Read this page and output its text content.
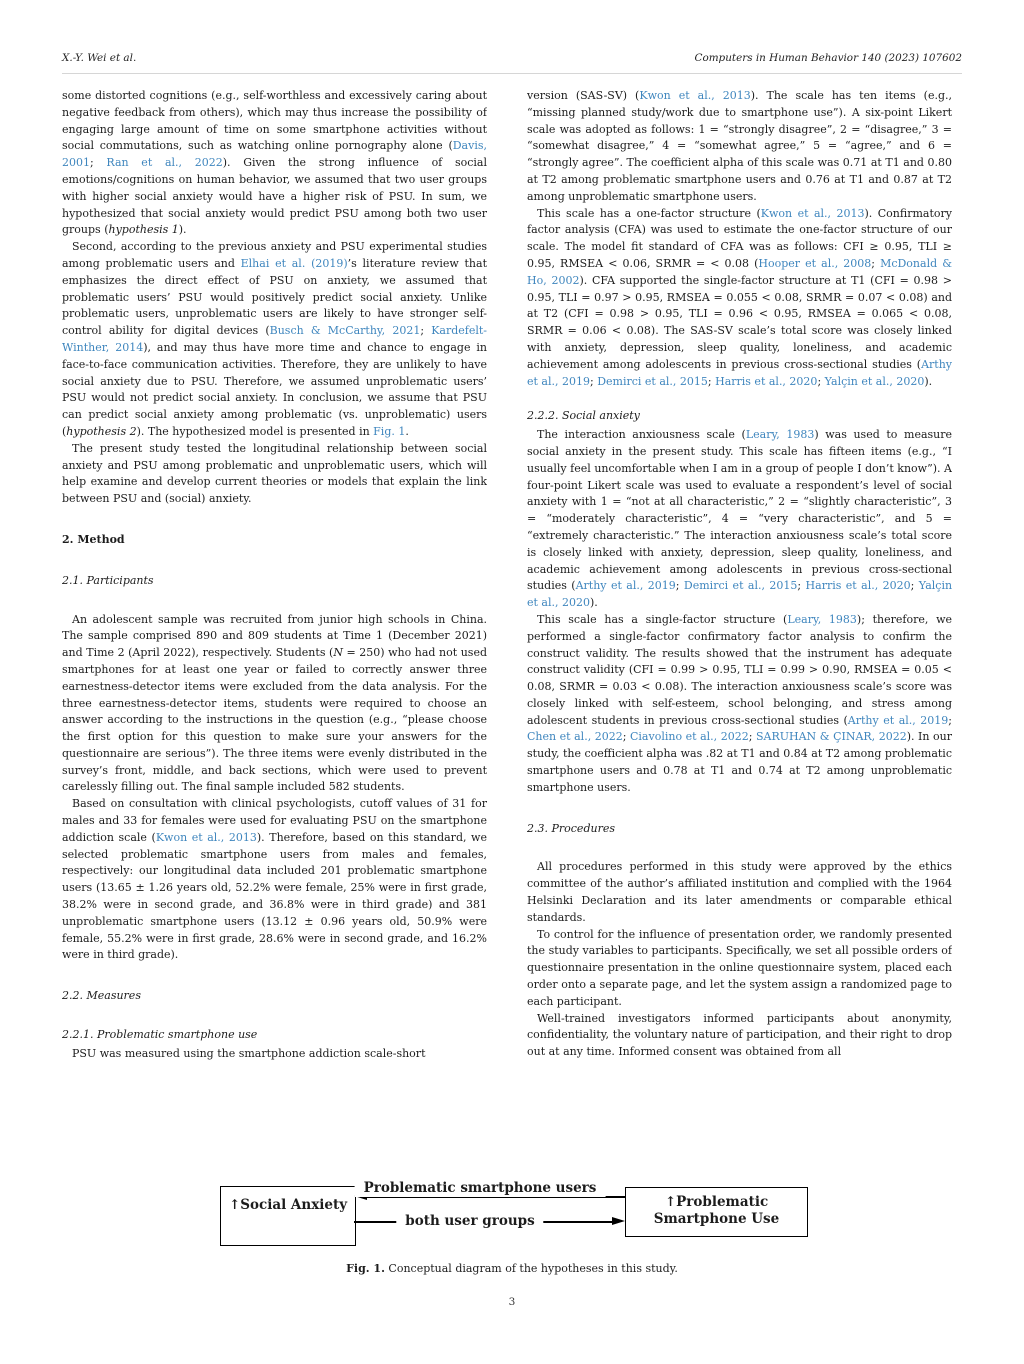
X.-Y. Wei et al.	Computers in Human Behavior 140 (2023) 107602
some distorted cognitions (e.g., self-worthless and excessively caring about negative feedback from others), which may thus increase the possibility of engaging large amount of time on some smartphone activities without social commutations, such as watching online pornography alone (Davis, 2001; Ran et al., 2022). Given the strong influence of social emotions/cognitions on human behavior, we assumed that two user groups with higher social anxiety would have a higher risk of PSU. In sum, we hypothesized that social anxiety would predict PSU among both two user groups (hypothesis 1).
Second, according to the previous anxiety and PSU experimental studies among problematic users and Elhai et al. (2019)’s literature review that emphasizes the direct effect of PSU on anxiety, we assumed that problematic users’ PSU would positively predict social anxiety. Unlike problematic users, unproblematic users are likely to have stronger self-control ability for digital devices (Busch & McCarthy, 2021; Kardefelt-Winther, 2014), and may thus have more time and chance to engage in face-to-face communication activities. Therefore, they are unlikely to have social anxiety due to PSU. Therefore, we assumed unproblematic users’ PSU would not predict social anxiety. In conclusion, we assume that PSU can predict social anxiety among problematic (vs. unproblematic) users (hypothesis 2). The hypothesized model is presented in Fig. 1.
The present study tested the longitudinal relationship between social anxiety and PSU among problematic and unproblematic users, which will help examine and develop current theories or models that explain the link between PSU and (social) anxiety.
2. Method
2.1. Participants
An adolescent sample was recruited from junior high schools in China. The sample comprised 890 and 809 students at Time 1 (December 2021) and Time 2 (April 2022), respectively. Students (N = 250) who had not used smartphones for at least one year or failed to correctly answer three earnestness-detector items were excluded from the data analysis. For the three earnestness-detector items, students were required to choose an answer according to the instructions in the question (e.g., “please choose the first option for this question to make sure your answers for the questionnaire are serious”). The three items were evenly distributed in the survey’s front, middle, and back sections, which were used to prevent carelessly filling out. The final sample included 582 students.
Based on consultation with clinical psychologists, cutoff values of 31 for males and 33 for females were used for evaluating PSU on the smartphone addiction scale (Kwon et al., 2013). Therefore, based on this standard, we selected problematic smartphone users from males and females, respectively: our longitudinal data included 201 problematic smartphone users (13.65 ± 1.26 years old, 52.2% were female, 25% were in first grade, 38.2% were in second grade, and 36.8% were in third grade) and 381 unproblematic smartphone users (13.12 ± 0.96 years old, 50.9% were female, 55.2% were in first grade, 28.6% were in second grade, and 16.2% were in third grade).
2.2. Measures
2.2.1. Problematic smartphone use
PSU was measured using the smartphone addiction scale-short
version (SAS-SV) (Kwon et al., 2013). The scale has ten items (e.g., “missing planned study/work due to smartphone use”). A six-point Likert scale was adopted as follows: 1 = “strongly disagree”, 2 = “disagree,” 3 = “somewhat disagree,” 4 = “somewhat agree,” 5 = “agree,” and 6 = “strongly agree”. The coefficient alpha of this scale was 0.71 at T1 and 0.80 at T2 among problematic smartphone users and 0.76 at T1 and 0.87 at T2 among unproblematic smartphone users.
This scale has a one-factor structure (Kwon et al., 2013). Confirmatory factor analysis (CFA) was used to estimate the one-factor structure of our scale. The model fit standard of CFA was as follows: CFI ≥ 0.95, TLI ≥ 0.95, RMSEA < 0.06, SRMR = < 0.08 (Hooper et al., 2008; McDonald & Ho, 2002). CFA supported the single-factor structure at T1 (CFI = 0.98 > 0.95, TLI = 0.97 > 0.95, RMSEA = 0.055 < 0.08, SRMR = 0.07 < 0.08) and at T2 (CFI = 0.98 > 0.95, TLI = 0.96 < 0.95, RMSEA = 0.065 < 0.08, SRMR = 0.06 < 0.08). The SAS-SV scale’s total score was closely linked with anxiety, depression, sleep quality, loneliness, and academic achievement among adolescents in previous cross-sectional studies (Arthy et al., 2019; Demirci et al., 2015; Harris et al., 2020; Yalçin et al., 2020).
2.2.2. Social anxiety
The interaction anxiousness scale (Leary, 1983) was used to measure social anxiety in the present study. This scale has fifteen items (e.g., “I usually feel uncomfortable when I am in a group of people I don’t know”). A four-point Likert scale was used to evaluate a respondent’s level of social anxiety with 1 = “not at all characteristic,” 2 = “slightly characteristic”, 3 = “moderately characteristic”, 4 = “very characteristic”, and 5 = “extremely characteristic.” The interaction anxiousness scale’s total score is closely linked with anxiety, depression, sleep quality, loneliness, and academic achievement among adolescents in previous cross-sectional studies (Arthy et al., 2019; Demirci et al., 2015; Harris et al., 2020; Yalçin et al., 2020).
This scale has a single-factor structure (Leary, 1983); therefore, we performed a single-factor confirmatory factor analysis to confirm the construct validity. The results showed that the instrument has adequate construct validity (CFI = 0.99 > 0.95, TLI = 0.99 > 0.90, RMSEA = 0.05 < 0.08, SRMR = 0.03 < 0.08). The interaction anxiousness scale’s score was closely linked with self-esteem, school belonging, and stress among adolescent students in previous cross-sectional studies (Arthy et al., 2019; Chen et al., 2022; Ciavolino et al., 2022; SARUHAN & ÇINAR, 2022). In our study, the coefficient alpha was .82 at T1 and 0.84 at T2 among problematic smartphone users and 0.78 at T1 and 0.74 at T2 among unproblematic smartphone users.
2.3. Procedures
All procedures performed in this study were approved by the ethics committee of the author’s affiliated institution and complied with the 1964 Helsinki Declaration and its later amendments or comparable ethical standards.
To control for the influence of presentation order, we randomly presented the study variables to participants. Specifically, we set all possible orders of questionnaire presentation in the online questionnaire system, placed each order onto a separate page, and let the system assign a randomized page to each participant.
Well-trained investigators informed participants about anonymity, confidentiality, the voluntary nature of participation, and their right to drop out at any time. Informed consent was obtained from all
↑Social Anxiety	↑Problematic
Smartphone Use
Problematic smartphone users
both user groups
Fig. 1. Conceptual diagram of the hypotheses in this study.
3
